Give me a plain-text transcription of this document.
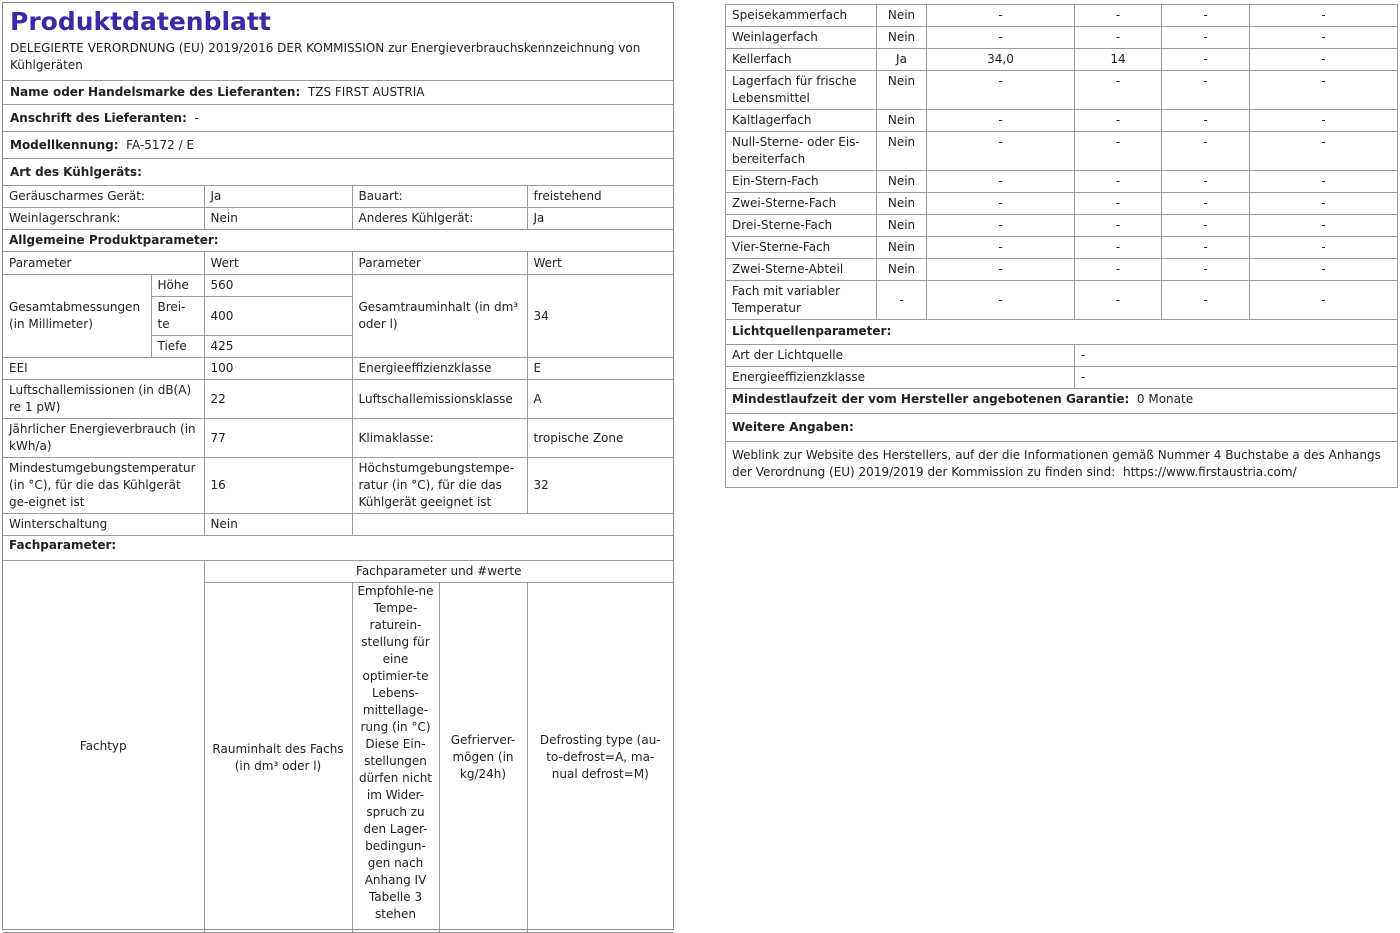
Produktdatenblatt
DELEGIERTE VERORDNUNG (EU) 2019/2016 DER KOMMISSION zur Energieverbrauchskennzeichnung von Kühlgeräten
Name oder Handelsmarke des Lieferanten: TZS FIRST AUSTRIA
Anschrift des Lieferanten: -
Modellkennung: FA-5172 / E
Art des Kühlgeräts:
Geräuscharmes Gerät:	Ja	Bauart:	freistehend
Weinlagerschrank:	Nein	Anderes Kühlgerät:	Ja
Allgemeine Produktparameter:			
Parameter		Wert	Parameter	Wert
Gesamtabmessungen (in Millimeter)	Höhe	560	Gesamtrauminhalt (in dm³ oder l)	34
	Brei-te	400		
	Tiefe	425		
EEI		100	Energieeffizienzklasse	E
Luftschallemissionen (in dB(A) re 1 pW)		22	Luftschallemissionsklasse	A
Jährlicher Energieverbrauch (in kWh/a)		77	Klimaklasse:	tropische Zone
Mindestumgebungstemperatur (in °C), für die das Kühlgerät ge-eignet ist		16	Höchstumgebungstempe-ratur (in °C), für die das Kühlgerät geeignet ist	32
Winterschaltung		Nein		
Fachparameter:				
Fachtyp	Fachparameter und #werte			
	Rauminhalt des Fachs (in dm³ oder l)	Empfohle-ne Tempe-raturein-stellung für eine optimier-te Lebens-mittellage-rung (in °C) Diese Ein-stellungen dürfen nicht im Wider-spruch zu den Lager-bedingun-gen nach Anhang IV Tabelle 3 stehen	Gefrierver-mögen (in kg/24h)	Defrosting type (au-to-defrost=A, ma-nual defrost=M)
Speisekammerfach	Nein	-	-	-	-
Weinlagerfach	Nein	-	-	-	-
Kellerfach	Ja	34,0	14	-	-
Lagerfach für frische Lebensmittel	Nein	-	-	-	-
Kaltlagerfach	Nein	-	-	-	-
Null-Sterne- oder Eis-bereiterfach	Nein	-	-	-	-
Ein-Stern-Fach	Nein	-	-	-	-
Zwei-Sterne-Fach	Nein	-	-	-	-
Drei-Sterne-Fach	Nein	-	-	-	-
Vier-Sterne-Fach	Nein	-	-	-	-
Zwei-Sterne-Abteil	Nein	-	-	-	-
Fach mit variabler Temperatur	-	-	-	-	-
Lichtquellenparameter:	
Art der Lichtquelle	-
Energieeffizienzklasse	-
Mindestlaufzeit der vom Hersteller angebotenen Garantie: 0 Monate	
Weitere Angaben:	
Weblink zur Website des Herstellers, auf der die Informationen gemäß Nummer 4 Buchstabe a des Anhangs der Verordnung (EU) 2019/2019 der Kommission zu finden sind: https://www.firstaustria.com/	
